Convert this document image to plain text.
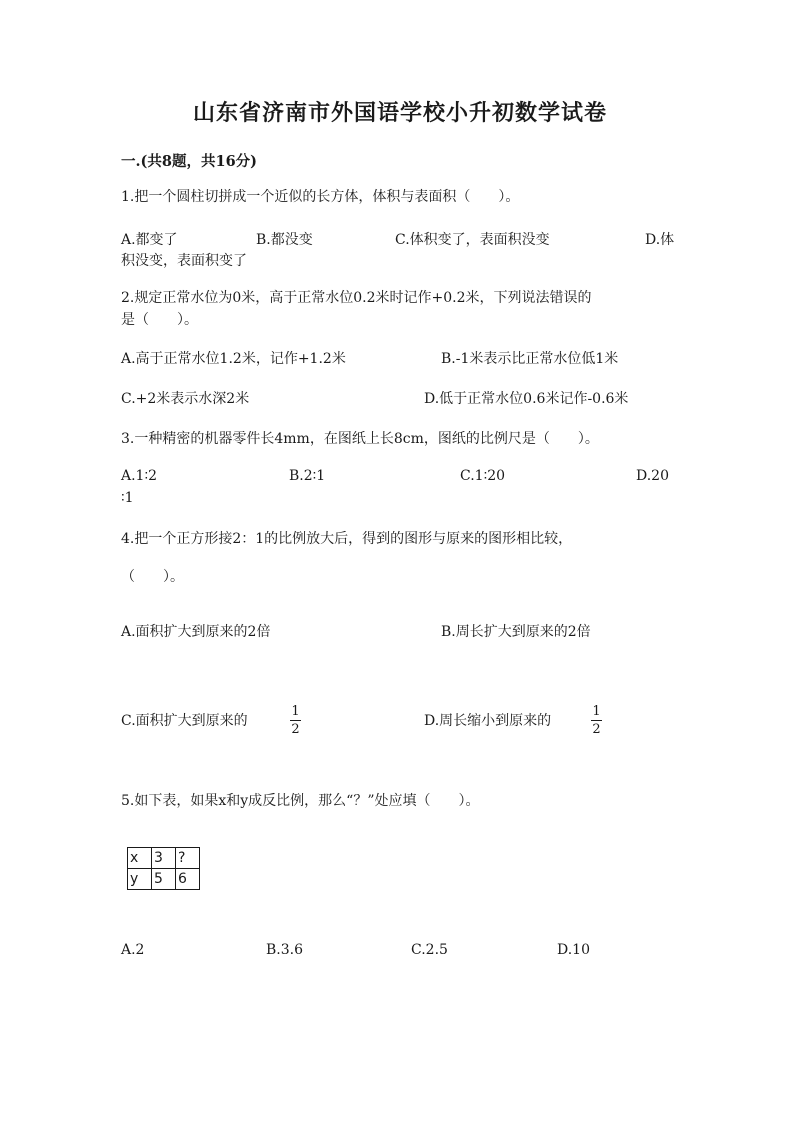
山东省济南市外国语学校小升初数学试卷
一.(共8题，共16分)
1.把一个圆柱切拼成一个近似的长方体，体积与表面积（　　）。
A.都变了	B.都没变	C.体积变了，表面积没变	D.体
积没变，表面积变了
2.规定正常水位为0米，高于正常水位0.2米时记作+0.2米，下列说法错误的
是（　　）。
A.高于正常水位1.2米，记作+1.2米	B.-1米表示比正常水位低1米
C.+2米表示水深2米	D.低于正常水位0.6米记作-0.6米
3.一种精密的机器零件长4mm，在图纸上长8cm，图纸的比例尺是（　　）。
A.1∶2	B.2∶1	C.1∶20	D.20
∶1
4.把一个正方形接2：1的比例放大后，得到的图形与原来的图形相比较，
（　　）。
A.面积扩大到原来的2倍	B.周长扩大到原来的2倍
C.面积扩大到原来的
1
2
D.周长缩小到原来的
1
2
5.如下表，如果x和y成反比例，那么“？”处应填（　　）。
x	3	?
y	5	6
A.2	B.3.6	C.2.5	D.10
